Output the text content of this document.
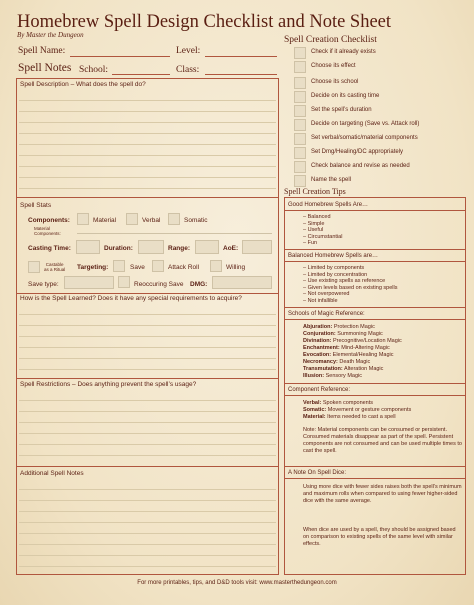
Homebrew Spell Design Checklist and Note Sheet
By Master the Dungeon
Spell Name:	Level:
Spell Notes School:	Class:
Spell Description – What does the spell do?
Spell Stats
Components:
Material
Components:
Material	Verbal	Somatic
Casting Time:	Duration:	Range:	AoE:
Castable
as a Ritual Targeting:	Save	Attack Roll	Willing
Save type:	Reoccuring Save DMG:
How is the Spell Learned? Does it have any special requirements to acquire?
Spell Restrictions – Does anything prevent the spell’s usage?
Additional Spell Notes
Spell Creation Checklist
Check if it already exists
Choose its effect
Choose its school
Decide on its casting time
Set the spell’s duration
Decide on targeting (Save vs. Attack roll)
Set verbal/somatic/material components
Set Dmg/Healing/DC appropriately
Check balance and revise as needed
Name the spell
Spell Creation Tips
Good Homebrew Spells Are…
– Balanced
– Simple
– Useful
– Circumstantial
– Fun
Balanced Homebrew Spells are…
– Limited by components
– Limited by concentration
– Use existing spells as reference
– Given levels based on existing spells
– Not overpowered
– Not infallible
Schools of Magic Reference:
Abjuration: Protection Magic
Conjuration: Summoning Magic
Divination: Precognitive/Location Magic
Enchantment: Mind-Altering Magic
Evocation: Elemental/Healing Magic
Necromancy: Death Magic
Transmutation: Alteration Magic
Illusion: Sensory Magic
Component Reference:
Verbal: Spoken components
Somatic: Movement or gesture components
Material: Items needed to cast a spell
Note: Material components can be consumed or persistent. Consumed materials disappear as part of the spell. Persistent components are not consumed and can be used multiple times to cast the spell.
A Note On Spell Dice:
Using more dice with fewer sides raises both the spell’s minimum and maximum rolls when compared to using fewer higher-sided dice with the same average.
When dice are used by a spell, they should be assigned based on comparison to existing spells of the same level with similar effects.
For more printables, tips, and D&D tools visit: www.masterthedungeon.com
